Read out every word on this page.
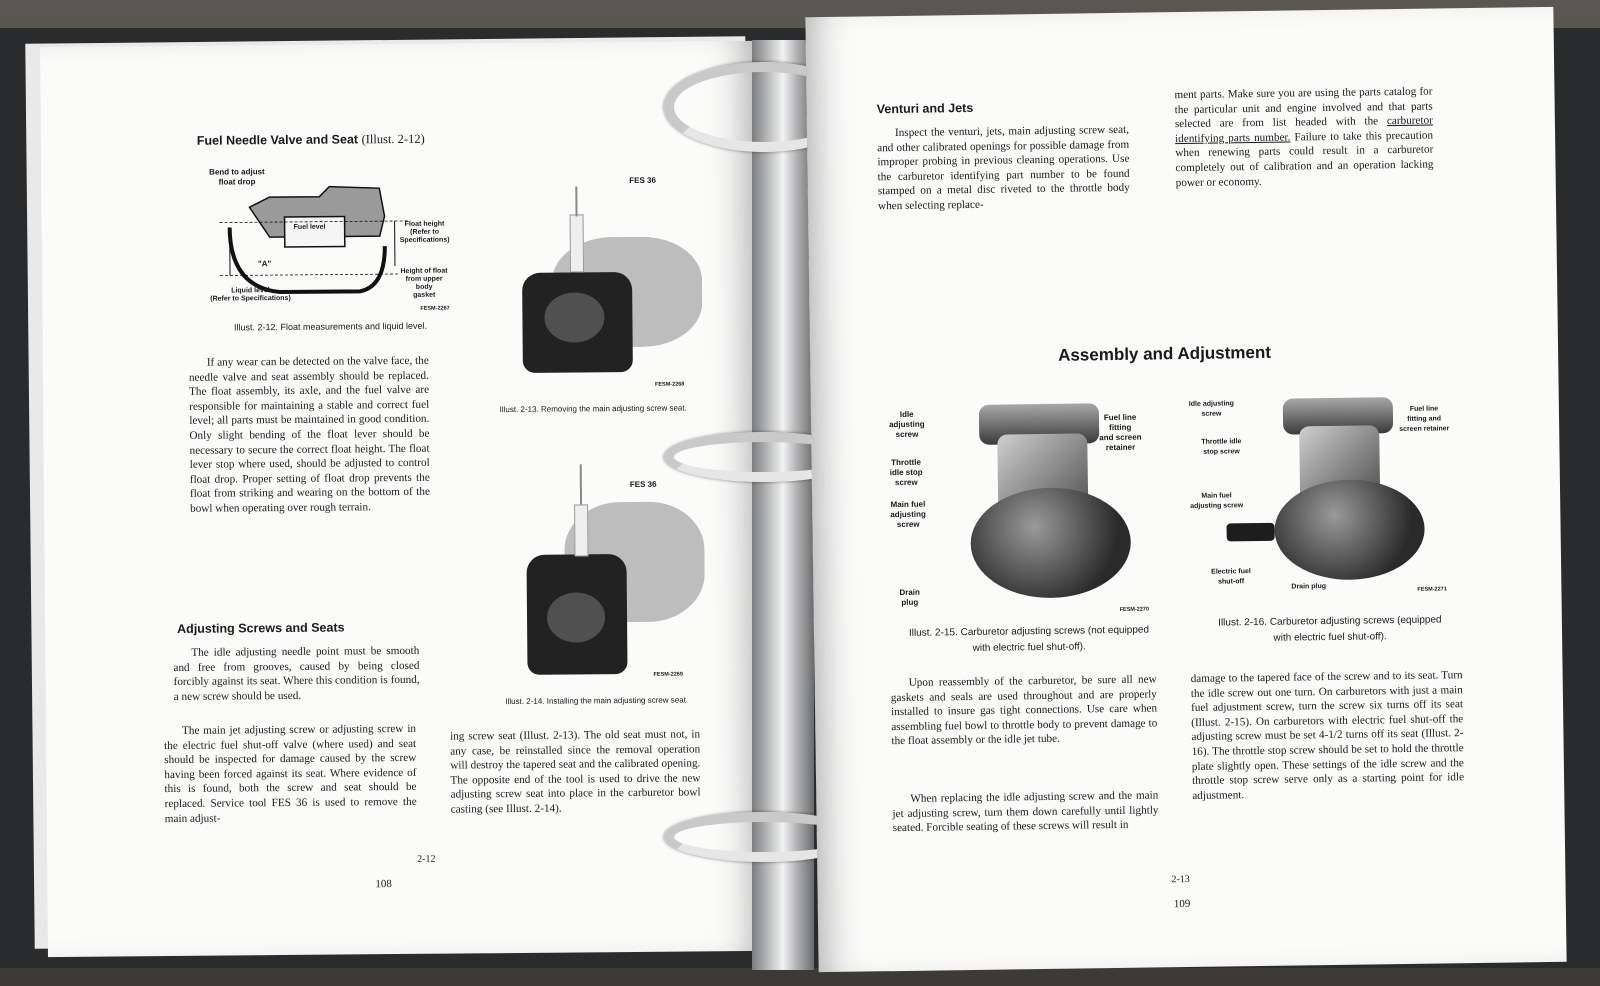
Fuel Needle Valve and Seat (Illust. 2-12)
Bend to adjust
float drop
Fuel level
"A"
Float height
(Refer to
Specifications)
Liquid level
(Refer to Specifications)
Height of float
from upper body
gasket
FESM-2267
Illust. 2-12. Float measurements and liquid level.
If any wear can be detected on the valve face, the needle valve and seat assembly should be replaced. The float assembly, its axle, and the fuel valve are responsible for maintaining a stable and correct fuel level; all parts must be maintained in good condition. Only slight bending of the float lever should be necessary to secure the correct float height. The float lever stop where used, should be adjusted to control float drop. Proper setting of float drop prevents the float from striking and wearing on the bottom of the bowl when operating over rough terrain.
FES 36
FESM-2268
Illust. 2-13. Removing the main adjusting screw seat.
FES 36
FESM-2269
Illust. 2-14. Installing the main adjusting screw seat.
Adjusting Screws and Seats
The idle adjusting needle point must be smooth and free from grooves, caused by being closed forcibly against its seat. Where this condition is found, a new screw should be used.
The main jet adjusting screw or adjusting screw in the electric fuel shut-off valve (where used) and seat should be inspected for damage caused by the screw having been forced against its seat. Where evidence of this is found, both the screw and seat should be replaced. Service tool FES 36 is used to remove the main adjust-
ing screw seat (Illust. 2-13). The old seat must not, in any case, be reinstalled since the removal operation will destroy the tapered seat and the calibrated opening. The opposite end of the tool is used to drive the new adjusting screw seat into place in the carburetor bowl casting (see Illust. 2-14).
2-12
108
Venturi and Jets
Inspect the venturi, jets, main adjusting screw seat, and other calibrated openings for possible damage from improper probing in previous cleaning operations. Use the carburetor identifying part number to be found stamped on a metal disc riveted to the throttle body when selecting replace-
ment parts. Make sure you are using the parts catalog for the particular unit and engine involved and that parts selected are from list headed with the carburetor identifying parts number. Failure to take this precaution when renewing parts could result in a carburetor completely out of calibration and an operation lacking power or economy.
Assembly and Adjustment
Idle
adjusting
screw
Fuel line
fitting
and screen
retainer
Throttle
idle stop
screw
Main fuel
adjusting
screw
Drain
plug
FESM-2270
Illust. 2-15. Carburetor adjusting screws (not equipped
with electric fuel shut-off).
Idle adjusting
screw
Fuel line
fitting and
screen retainer
Throttle idle
stop screw
Main fuel
adjusting screw
Electric fuel
shut-off
Drain plug	FESM-2271
Illust. 2-16. Carburetor adjusting screws (equipped
with electric fuel shut-off).
Upon reassembly of the carburetor, be sure all new gaskets and seals are used throughout and are properly installed to insure gas tight connections. Use care when assembling fuel bowl to throttle body to prevent damage to the float assembly or the idle jet tube.
When replacing the idle adjusting screw and the main jet adjusting screw, turn them down carefully until lightly seated. Forcible seating of these screws will result in
damage to the tapered face of the screw and to its seat. Turn the idle screw out one turn. On carburetors with just a main fuel adjustment screw, turn the screw six turns off its seat (Illust. 2-15). On carburetors with electric fuel shut-off the adjusting screw must be set 4-1/2 turns off its seat (Illust. 2-16). The throttle stop screw should be set to hold the throttle plate slightly open. These settings of the idle screw and the throttle stop screw serve only as a starting point for idle adjustment.
2-13
109
